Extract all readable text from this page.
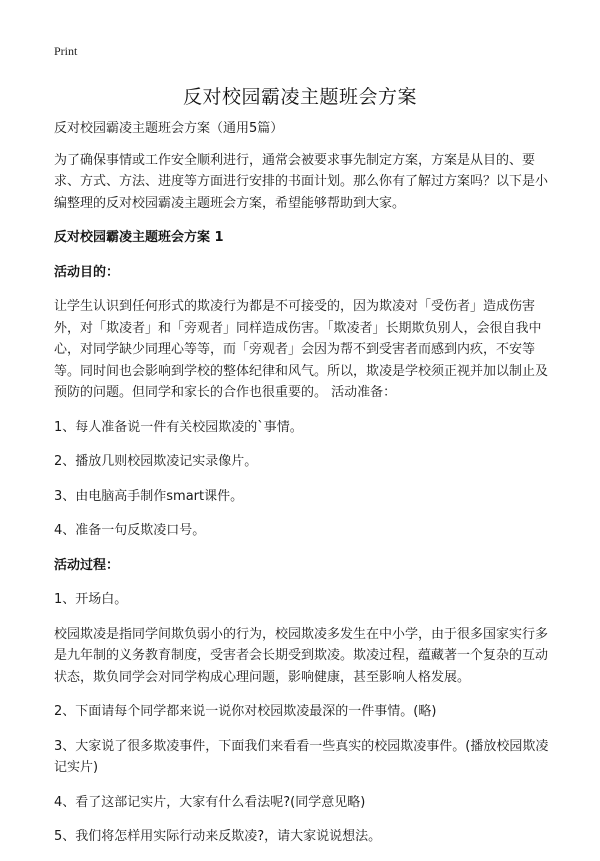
Print
反对校园霸凌主题班会方案

反对校园霸凌主题班会方案（通用5篇）

为了确保事情或工作安全顺利进行，通常会被要求事先制定方案，方案是从目的、要求、方式、方法、进度等方面进行安排的书面计划。那么你有了解过方案吗？以下是小编整理的反对校园霸凌主题班会方案，希望能够帮助到大家。

反对校园霸凌主题班会方案 1

活动目的：

让学生认识到任何形式的欺凌行为都是不可接受的，因为欺凌对「受伤者」造成伤害外，对「欺凌者」和「旁观者」同样造成伤害。「欺凌者」长期欺负别人，会很自我中心，对同学缺少同理心等等，而「旁观者」会因为帮不到受害者而感到内疚，不安等等。同时间也会影响到学校的整体纪律和风气。所以，欺凌是学校须正视并加以制止及预防的问题。但同学和家长的合作也很重要的。 活动准备：

1、每人准备说一件有关校园欺凌的`事情。

2、播放几则校园欺凌记实录像片。

3、由电脑高手制作smart课件。

4、准备一句反欺凌口号。

活动过程：

1、开场白。

校园欺凌是指同学间欺负弱小的行为，校园欺凌多发生在中小学，由于很多国家实行多是九年制的义务教育制度，受害者会长期受到欺凌。欺凌过程，蕴藏著一个复杂的互动状态，欺负同学会对同学构成心理问题，影响健康，甚至影响人格发展。

2、下面请每个同学都来说一说你对校园欺凌最深的一件事情。(略)

3、大家说了很多欺凌事件，下面我们来看看一些真实的校园欺凌事件。(播放校园欺凌记实片)

4、看了这部记实片，大家有什么看法呢?(同学意见略)

5、我们将怎样用实际行动来反欺凌?，请大家说说想法。
